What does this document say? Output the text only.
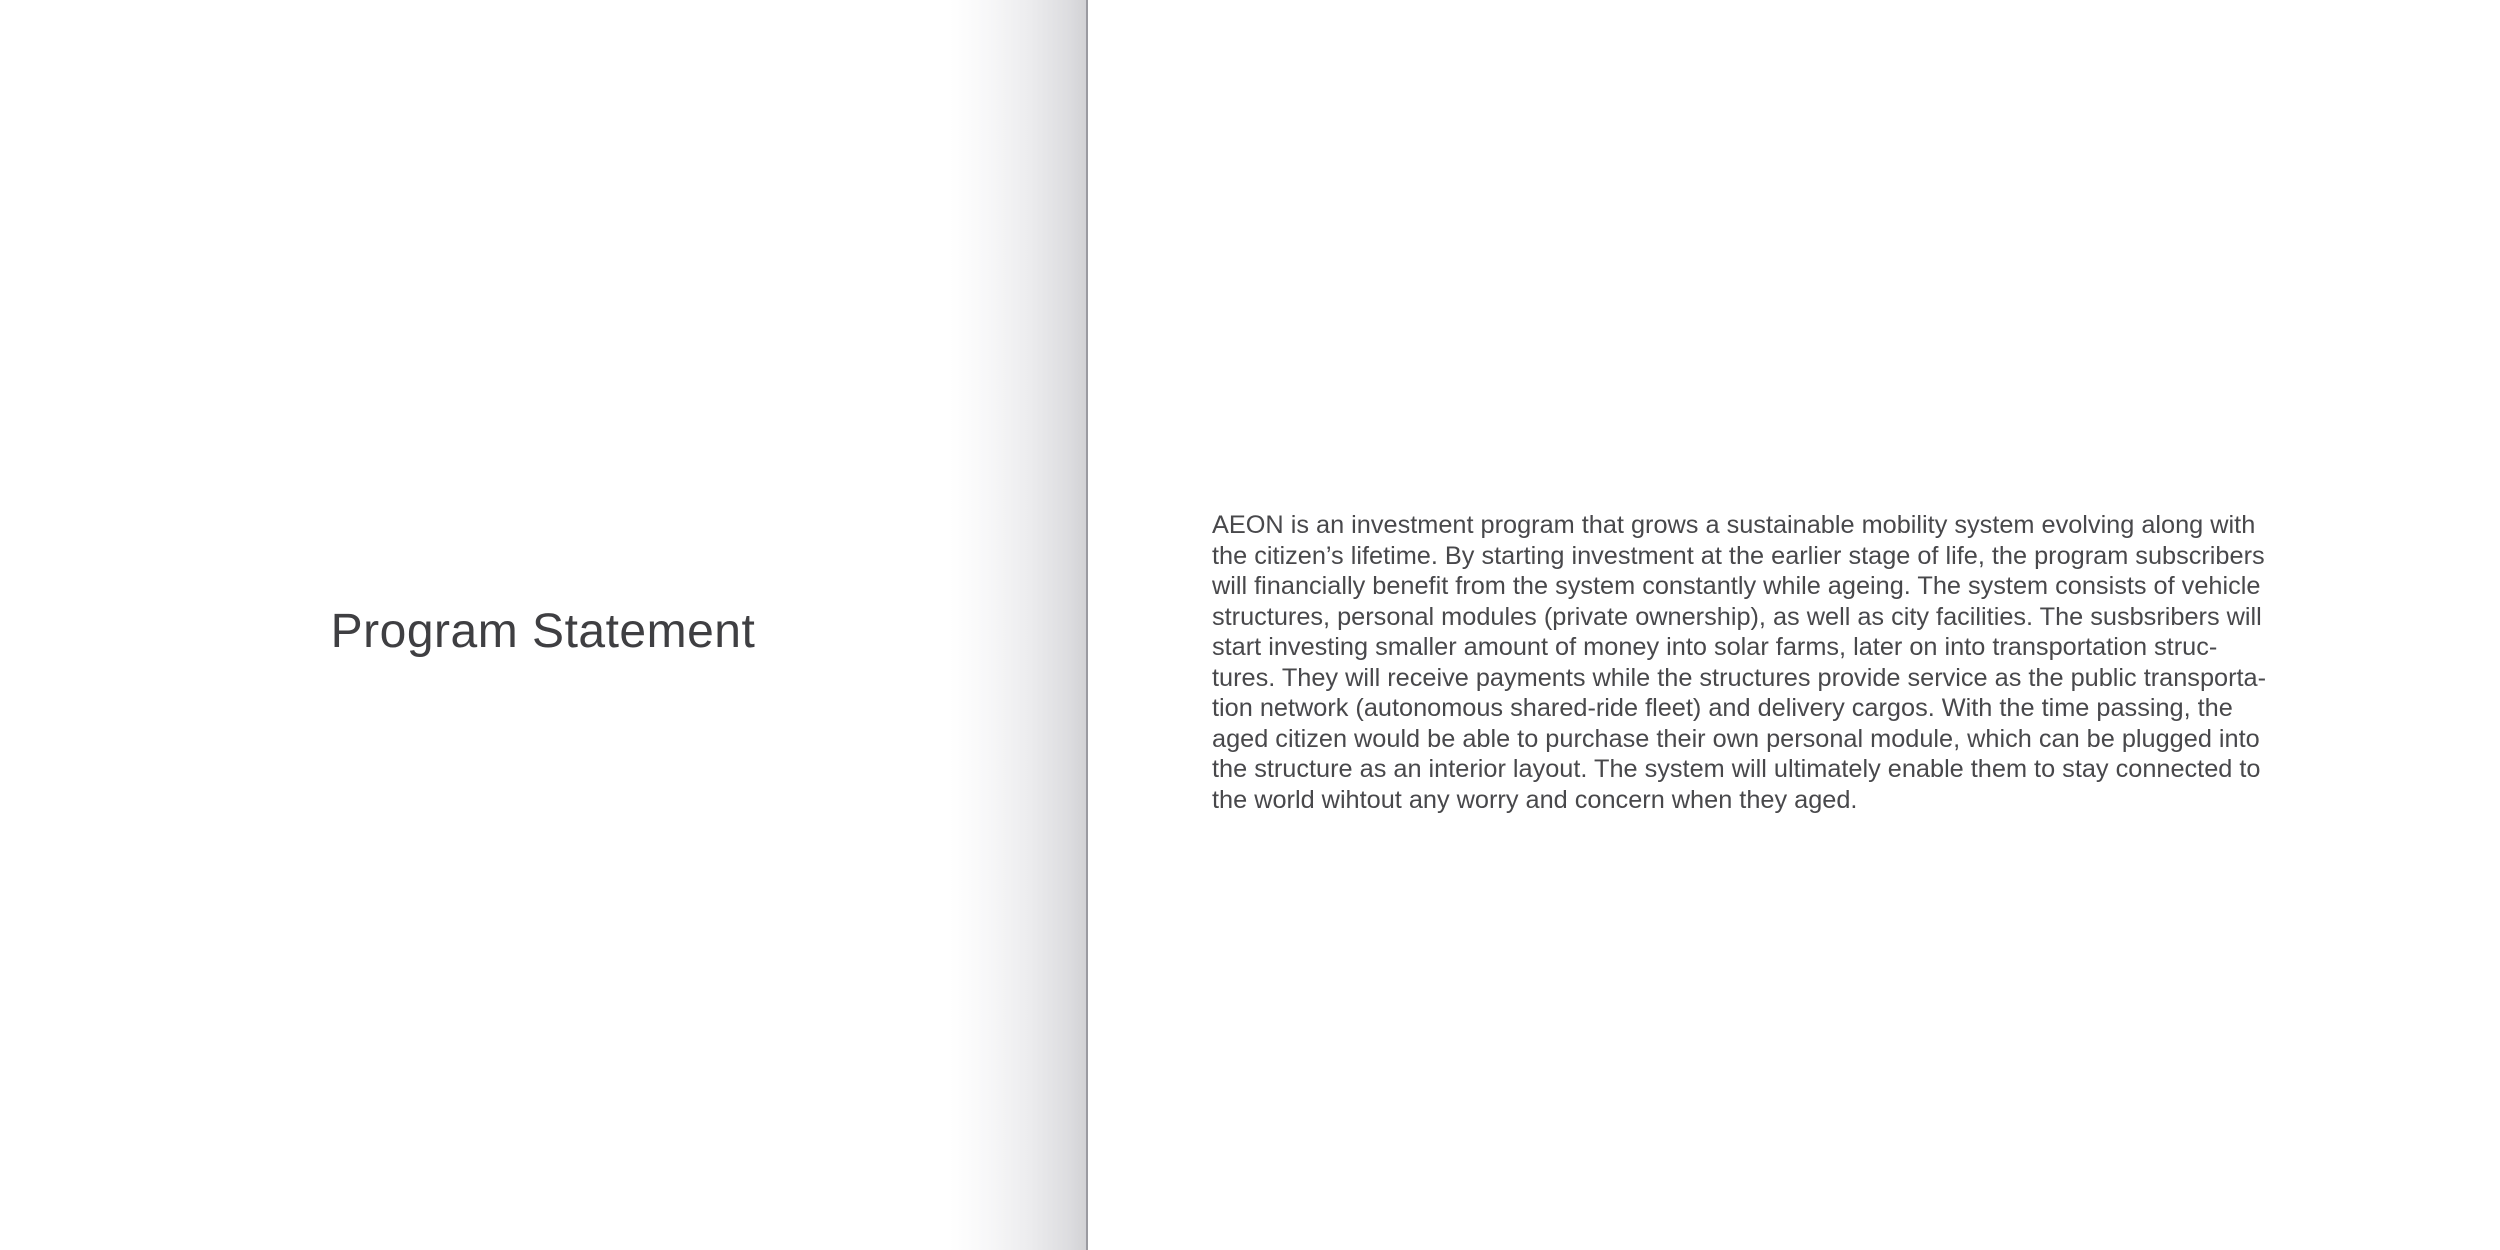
Program Statement

AEON is an investment program that grows a sustainable mobility system evolving along with
the citizen’s lifetime. By starting investment at the earlier stage of life, the program subscribers
will financially benefit from the system constantly while ageing. The system consists of vehicle
structures, personal modules (private ownership), as well as city facilities. The susbsribers will
start investing smaller amount of money into solar farms, later on into transportation struc-
tures. They will receive payments while the structures provide service as the public transporta-
tion network (autonomous shared-ride fleet) and delivery cargos. With the time passing, the
aged citizen would be able to purchase their own personal module, which can be plugged into
the structure as an interior layout. The system will ultimately enable them to stay connected to
the world wihtout any worry and concern when they aged.
